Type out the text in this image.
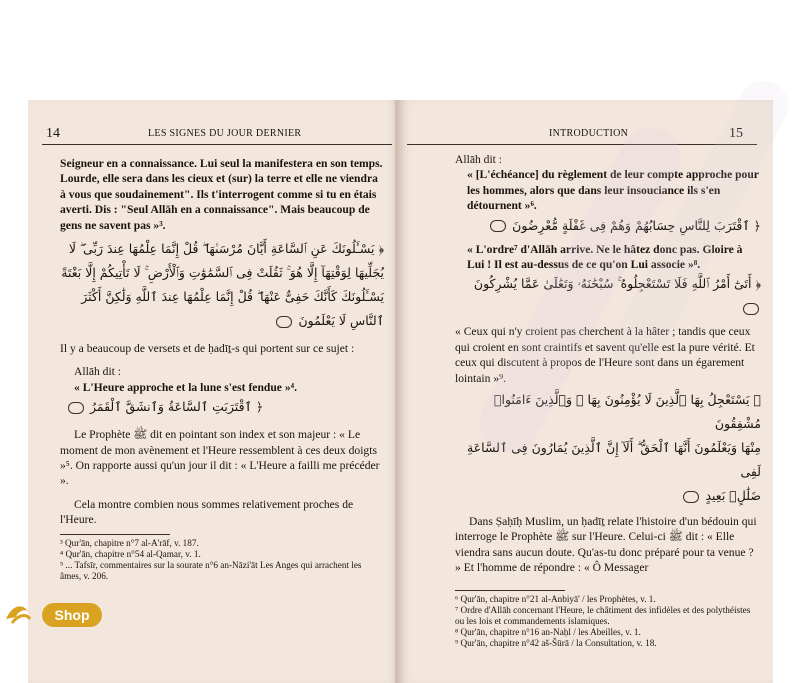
14	LES SIGNES DU JOUR DERNIER

Seigneur en a connaissance. Lui seul la manifestera en son temps. Lourde, elle sera dans les cieux et (sur) la terre et elle ne viendra à vous que soudainement". Ils t'interrogent comme si tu en étais averti. Dis : "Seul Allāh en a connaissance". Mais beaucoup de gens ne savent pas »³.

﴿ يَسْـَٔلُونَكَ عَنِ ٱلسَّاعَةِ أَيَّانَ مُرْسَىٰهَا ۖ قُلْ إِنَّمَا عِلْمُهَا عِندَ رَبِّى ۖ لَا
يُجَلِّيهَا لِوَقْتِهَآ إِلَّا هُوَ ۚ ثَقُلَتْ فِى ٱلسَّمَٰوَٰتِ وَٱلْأَرْضِ ۚ لَا تَأْتِيكُمْ إِلَّا بَغْتَةً
يَسْـَٔلُونَكَ كَأَنَّكَ حَفِىٌّ عَنْهَا ۖ قُلْ إِنَّمَا عِلْمُهَا عِندَ ٱللَّهِ وَلَٰكِنَّ أَكْثَرَ
ٱلنَّاسِ لَا يَعْلَمُونَ

Il y a beaucoup de versets et de ḥadīṯ-s qui portent sur ce sujet :

Allāh dit :

« L'Heure approche et la lune s'est fendue »⁴.

﴿ ٱقْتَرَبَتِ ٱلسَّاعَةُ وَٱنشَقَّ ٱلْقَمَرُ

Le Prophète ﷺ dit en pointant son index et son majeur : « Le moment de mon avènement et l'Heure ressemblent à ces deux doigts »⁵. On rapporte aussi qu'un jour il dit : « L'Heure a failli me précéder ».

Cela montre combien nous sommes relativement proches de l'Heure.

³ Qur'ān, chapitre n°7 al-A'rāf, v. 187.
⁴ Qur'ān, chapitre n°54 al-Qamar, v. 1.
⁵ ... Tafsīr, commentaires sur la sourate n°6 an-Nāzi'āt Les Anges qui arrachent les âmes, v. 206.
INTRODUCTION	15

Allāh dit :

« [L'échéance] du règlement de leur compte approche pour les hommes, alors que dans leur insouciance ils s'en détournent »⁶.

﴿ ٱقْتَرَبَ لِلنَّاسِ حِسَابُهُمْ وَهُمْ فِى غَفْلَةٍ مُّعْرِضُونَ

« L'ordre⁷ d'Allāh arrive. Ne le hâtez donc pas. Gloire à Lui ! Il est au-dessus de ce qu'on Lui associe »⁸.

﴿ أَتَىٰٓ أَمْرُ ٱللَّهِ فَلَا تَسْتَعْجِلُوهُ ۚ سُبْحَٰنَهُۥ وَتَعَٰلَىٰ عَمَّا يُشْرِكُونَ

« Ceux qui n'y croient pas cherchent à la hâter ; tandis que ceux qui croient en sont craintifs et savent qu'elle est la pure vérité. Et ceux qui discutent à propos de l'Heure sont dans un égarement lointain »⁹.

﴿ يَسْتَعْجِلُ بِهَا ٱلَّذِينَ لَا يُؤْمِنُونَ بِهَا ۖ وَٱلَّذِينَ ءَامَنُوا۟ مُشْفِقُونَ
مِنْهَا وَيَعْلَمُونَ أَنَّهَا ٱلْحَقُّ ۗ أَلَآ إِنَّ ٱلَّذِينَ يُمَارُونَ فِى ٱلسَّاعَةِ لَفِى
ضَلَٰلٍۭ بَعِيدٍ

Dans Ṣaḥīḥ Muslim, un ḥadīṯ relate l'histoire d'un bédouin qui interroge le Prophète ﷺ sur l'Heure. Celui-ci ﷺ dit : « Elle viendra sans aucun doute. Qu'as-tu donc préparé pour ta venue ? » Et l'homme de répondre : « Ô Messager

⁶ Qur'ān, chapitre n°21 al-Anbiyā' / les Prophètes, v. 1.
⁷ Ordre d'Allāh concernant l'Heure, le châtiment des infidèles et des polythéistes ou les lois et commandements islamiques.
⁸ Qur'ān, chapitre n°16 an-Naḥl / les Abeilles, v. 1.
⁹ Qur'ān, chapitre n°42 aš-Šūrā / la Consultation, v. 18.
Shop
